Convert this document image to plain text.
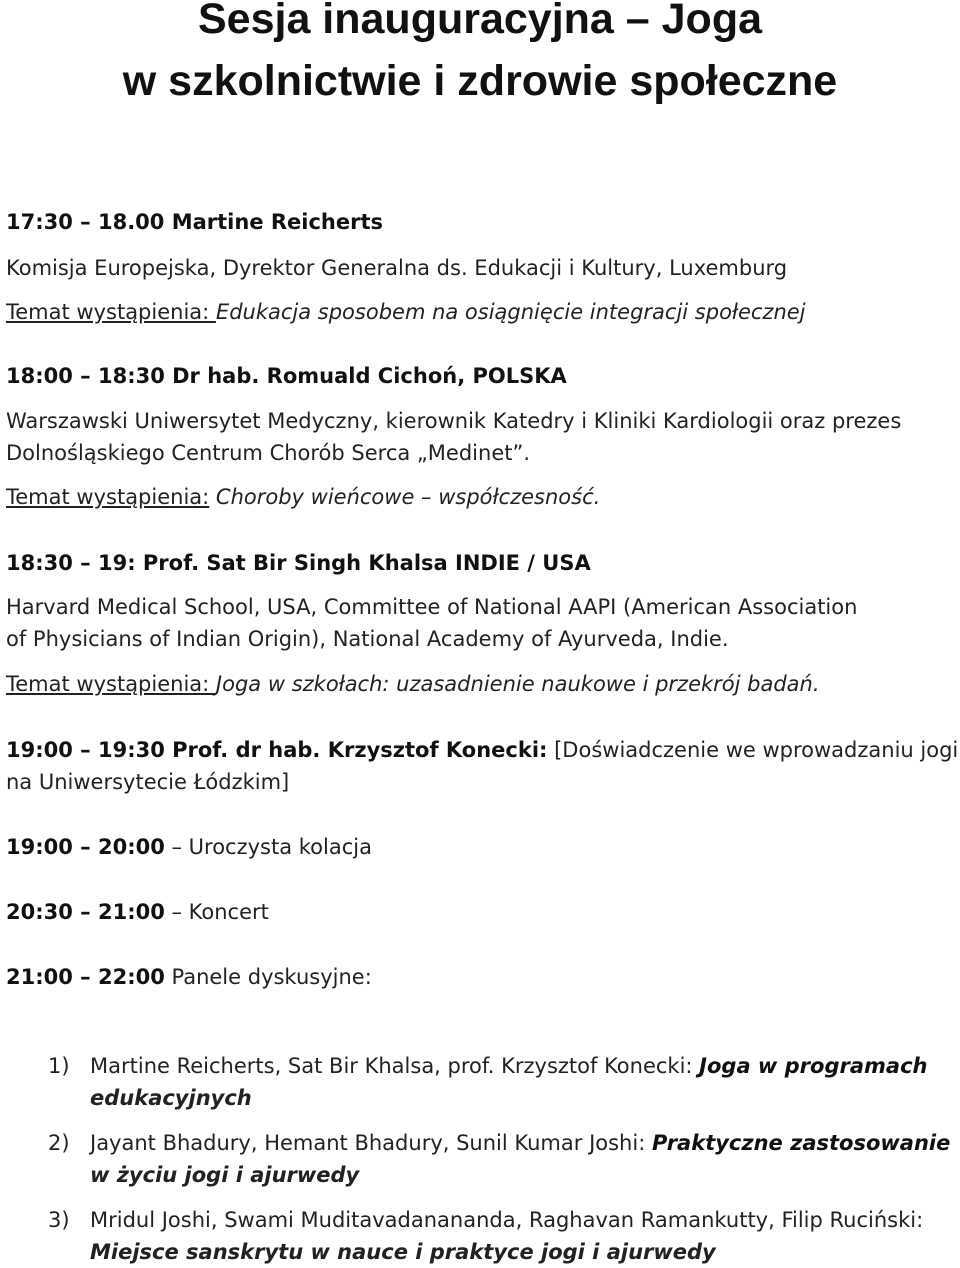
Sesja inauguracyjna – Joga
w szkolnictwie i zdrowie społeczne
17:30 – 18.00 Martine Reicherts
Komisja Europejska, Dyrektor Generalna ds. Edukacji i Kultury, Luxemburg
Temat wystąpienia: Edukacja sposobem na osiągnięcie integracji społecznej
18:00 – 18:30 Dr hab. Romuald Cichoń, POLSKA
Warszawski Uniwersytet Medyczny, kierownik Katedry i Kliniki Kardiologii oraz prezes
Dolnośląskiego Centrum Chorób Serca „Medinet”.
Temat wystąpienia: Choroby wieńcowe – współczesność.
18:30 – 19: Prof. Sat Bir Singh Khalsa INDIE / USA
Harvard Medical School, USA, Committee of National AAPI (American Association
of Physicians of Indian Origin), National Academy of Ayurveda, Indie.
Temat wystąpienia: Joga w szkołach: uzasadnienie naukowe i przekrój badań.
19:00 – 19:30 Prof. dr hab. Krzysztof Konecki: [Doświadczenie we wprowadzaniu jogi
na Uniwersytecie Łódzkim]
19:00 – 20:00 – Uroczysta kolacja
20:30 – 21:00 – Koncert
21:00 – 22:00 Panele dyskusyjne:
1) Martine Reicherts, Sat Bir Khalsa, prof. Krzysztof Konecki: Joga w programach
edukacyjnych
2) Jayant Bhadury, Hemant Bhadury, Sunil Kumar Joshi: Praktyczne zastosowanie
w życiu jogi i ajurwedy
3) Mridul Joshi, Swami Muditavadanananda, Raghavan Ramankutty, Filip Ruciński:
Miejsce sanskrytu w nauce i praktyce jogi i ajurwedy
